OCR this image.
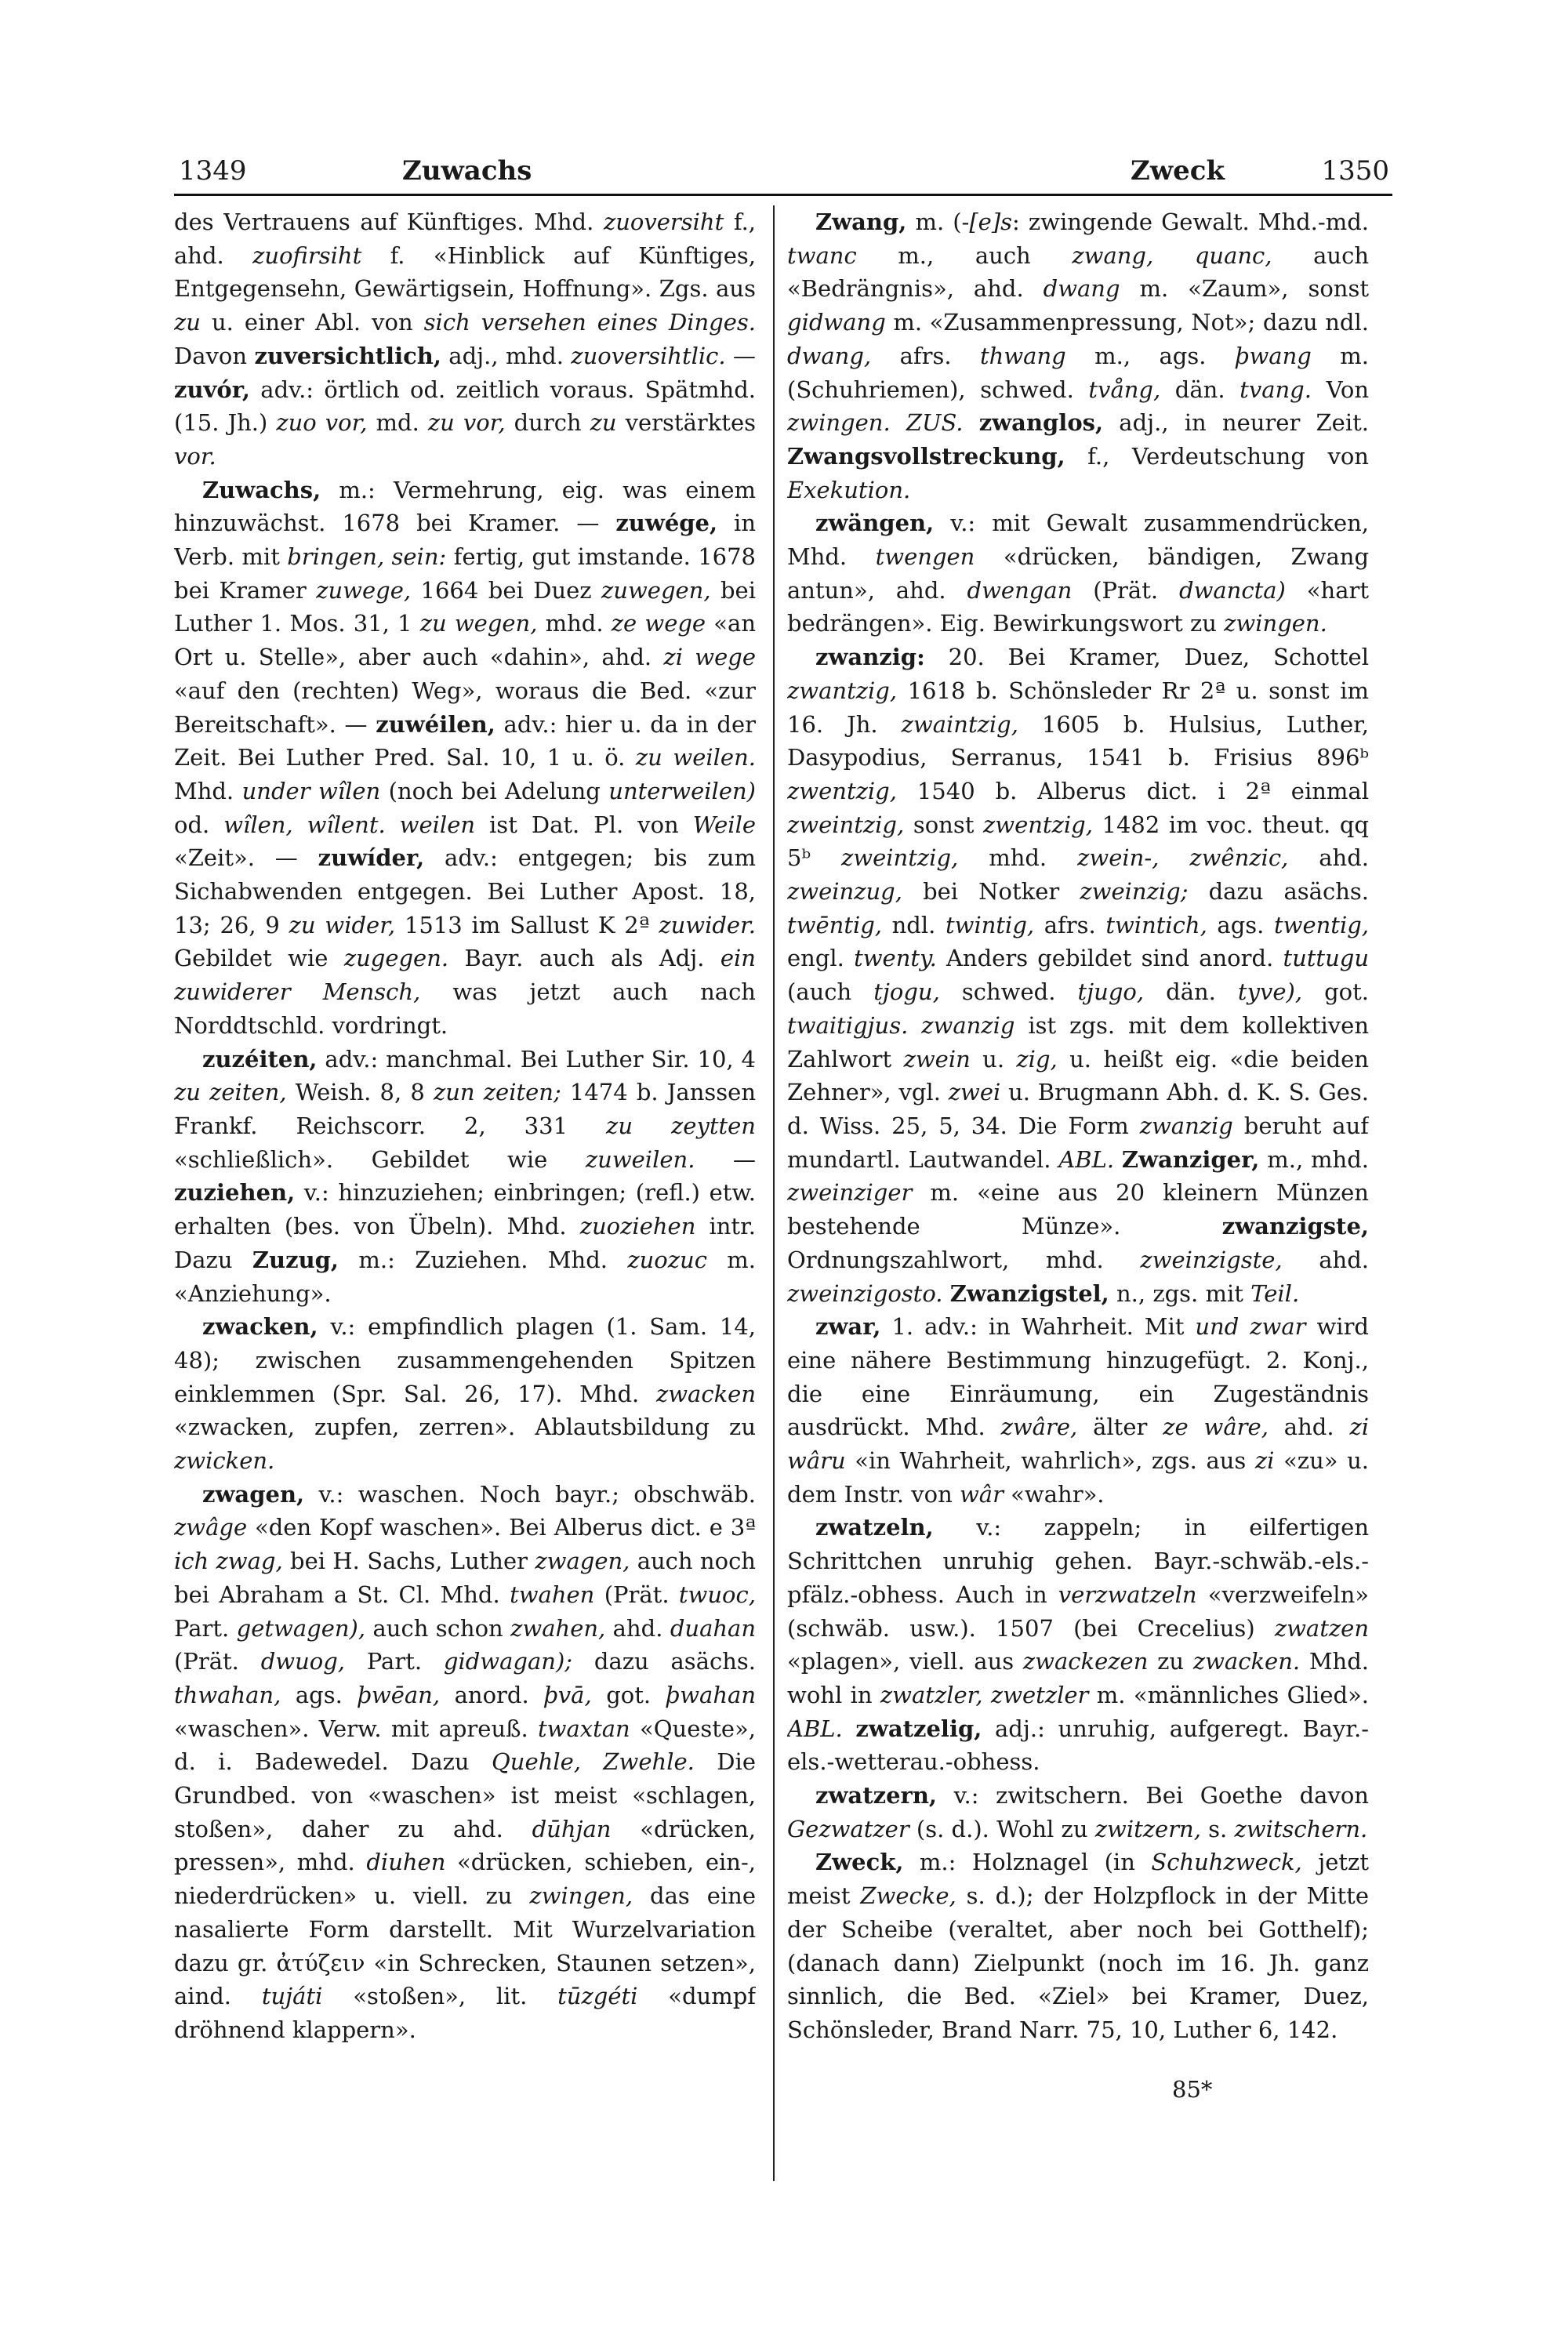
1349	Zuwachs	Zweck	1350

des Vertrauens auf Künftiges. Mhd. zuoversiht f., ahd. zuofirsiht f. «Hinblick auf Künftiges, Entgegensehn, Gewärtigsein, Hoffnung». Zgs. aus zu u. einer Abl. von sich versehen eines Dinges. Davon zuversichtlich, adj., mhd. zuoversihtlic. — zuvór, adv.: örtlich od. zeitlich voraus. Spätmhd. (15. Jh.) zuo vor, md. zu vor, durch zu verstärktes vor.

Zuwachs, m.: Vermehrung, eig. was einem hinzuwächst. 1678 bei Kramer. — zuwége, in Verb. mit bringen, sein: fertig, gut imstande. 1678 bei Kramer zuwege, 1664 bei Duez zuwegen, bei Luther 1. Mos. 31, 1 zu wegen, mhd. ze wege «an Ort u. Stelle», aber auch «dahin», ahd. zi wege «auf den (rechten) Weg», woraus die Bed. «zur Bereitschaft». — zuwéilen, adv.: hier u. da in der Zeit. Bei Luther Pred. Sal. 10, 1 u. ö. zu weilen. Mhd. under wîlen (noch bei Adelung unterweilen) od. wîlen, wîlent. weilen ist Dat. Pl. von Weile «Zeit». — zuwíder, adv.: entgegen; bis zum Sichabwenden entgegen. Bei Luther Apost. 18, 13; 26, 9 zu wider, 1513 im Sallust K 2ª zuwider. Gebildet wie zugegen. Bayr. auch als Adj. ein zuwiderer Mensch, was jetzt auch nach Norddtschld. vordringt.

zuzéiten, adv.: manchmal. Bei Luther Sir. 10, 4 zu zeiten, Weish. 8, 8 zun zeiten; 1474 b. Janssen Frankf. Reichscorr. 2, 331 zu zeytten «schließlich». Gebildet wie zuweilen. — zuziehen, v.: hinzuziehen; einbringen; (refl.) etw. erhalten (bes. von Übeln). Mhd. zuoziehen intr. Dazu Zuzug, m.: Zuziehen. Mhd. zuozuc m. «Anziehung».

zwacken, v.: empfindlich plagen (1. Sam. 14, 48); zwischen zusammengehenden Spitzen einklemmen (Spr. Sal. 26, 17). Mhd. zwacken «zwacken, zupfen, zerren». Ablautsbildung zu zwicken.

zwagen, v.: waschen. Noch bayr.; obschwäb. zwâge «den Kopf waschen». Bei Alberus dict. e 3ª ich zwag, bei H. Sachs, Luther zwagen, auch noch bei Abraham a St. Cl. Mhd. twahen (Prät. twuoc, Part. getwagen), auch schon zwahen, ahd. duahan (Prät. dwuog, Part. gidwagan); dazu asächs. thwahan, ags. þwēan, anord. þvā, got. þwahan «waschen». Verw. mit apreuß. twaxtan «Queste», d. i. Badewedel. Dazu Quehle, Zwehle. Die Grundbed. von «waschen» ist meist «schlagen, stoßen», daher zu ahd. dūhjan «drücken, pressen», mhd. diuhen «drücken, schieben, ein-, niederdrücken» u. viell. zu zwingen, das eine nasalierte Form darstellt. Mit Wurzelvariation dazu gr. ἀτύζειν «in Schrecken, Staunen setzen», aind. tujáti «stoßen», lit. tūzgéti «dumpf dröhnend klappern».

Zwang, m. (-[e]s: zwingende Gewalt. Mhd.-md. twanc m., auch zwang, quanc, auch «Bedrängnis», ahd. dwang m. «Zaum», sonst gidwang m. «Zusammenpressung, Not»; dazu ndl. dwang, afrs. thwang m., ags. þwang m. (Schuhriemen), schwed. tvång, dän. tvang. Von zwingen. ZUS. zwanglos, adj., in neurer Zeit. Zwangsvollstreckung, f., Verdeutschung von Exekution.

zwängen, v.: mit Gewalt zusammendrücken, Mhd. twengen «drücken, bändigen, Zwang antun», ahd. dwengan (Prät. dwancta) «hart bedrängen». Eig. Bewirkungswort zu zwingen.

zwanzig: 20. Bei Kramer, Duez, Schottel zwantzig, 1618 b. Schönsleder Rr 2ª u. sonst im 16. Jh. zwaintzig, 1605 b. Hulsius, Luther, Dasypodius, Serranus, 1541 b. Frisius 896ᵇ zwentzig, 1540 b. Alberus dict. i 2ª einmal zweintzig, sonst zwentzig, 1482 im voc. theut. qq 5ᵇ zweintzig, mhd. zwein-, zwênzic, ahd. zweinzug, bei Notker zweinzig; dazu asächs. twēntig, ndl. twintig, afrs. twintich, ags. twentig, engl. twenty. Anders gebildet sind anord. tuttugu (auch tjogu, schwed. tjugo, dän. tyve), got. twaitigjus. zwanzig ist zgs. mit dem kollektiven Zahlwort zwein u. zig, u. heißt eig. «die beiden Zehner», vgl. zwei u. Brugmann Abh. d. K. S. Ges. d. Wiss. 25, 5, 34. Die Form zwanzig beruht auf mundartl. Lautwandel. ABL. Zwanziger, m., mhd. zweinziger m. «eine aus 20 kleinern Münzen bestehende Münze». zwanzigste, Ordnungszahlwort, mhd. zweinzigste, ahd. zweinzigosto. Zwanzigstel, n., zgs. mit Teil.

zwar, 1. adv.: in Wahrheit. Mit und zwar wird eine nähere Bestimmung hinzugefügt. 2. Konj., die eine Einräumung, ein Zugeständnis ausdrückt. Mhd. zwâre, älter ze wâre, ahd. zi wâru «in Wahrheit, wahrlich», zgs. aus zi «zu» u. dem Instr. von wâr «wahr».

zwatzeln, v.: zappeln; in eilfertigen Schrittchen unruhig gehen. Bayr.-schwäb.-els.-pfälz.-obhess. Auch in verzwatzeln «verzweifeln» (schwäb. usw.). 1507 (bei Crecelius) zwatzen «plagen», viell. aus zwackezen zu zwacken. Mhd. wohl in zwatzler, zwetzler m. «männliches Glied». ABL. zwatzelig, adj.: unruhig, aufgeregt. Bayr.-els.-wetterau.-obhess.

zwatzern, v.: zwitschern. Bei Goethe davon Gezwatzer (s. d.). Wohl zu zwitzern, s. zwitschern.

Zweck, m.: Holznagel (in Schuhzweck, jetzt meist Zwecke, s. d.); der Holzpflock in der Mitte der Scheibe (veraltet, aber noch bei Gotthelf); (danach dann) Zielpunkt (noch im 16. Jh. ganz sinnlich, die Bed. «Ziel» bei Kramer, Duez, Schönsleder, Brand Narr. 75, 10, Luther 6, 142.

85*
